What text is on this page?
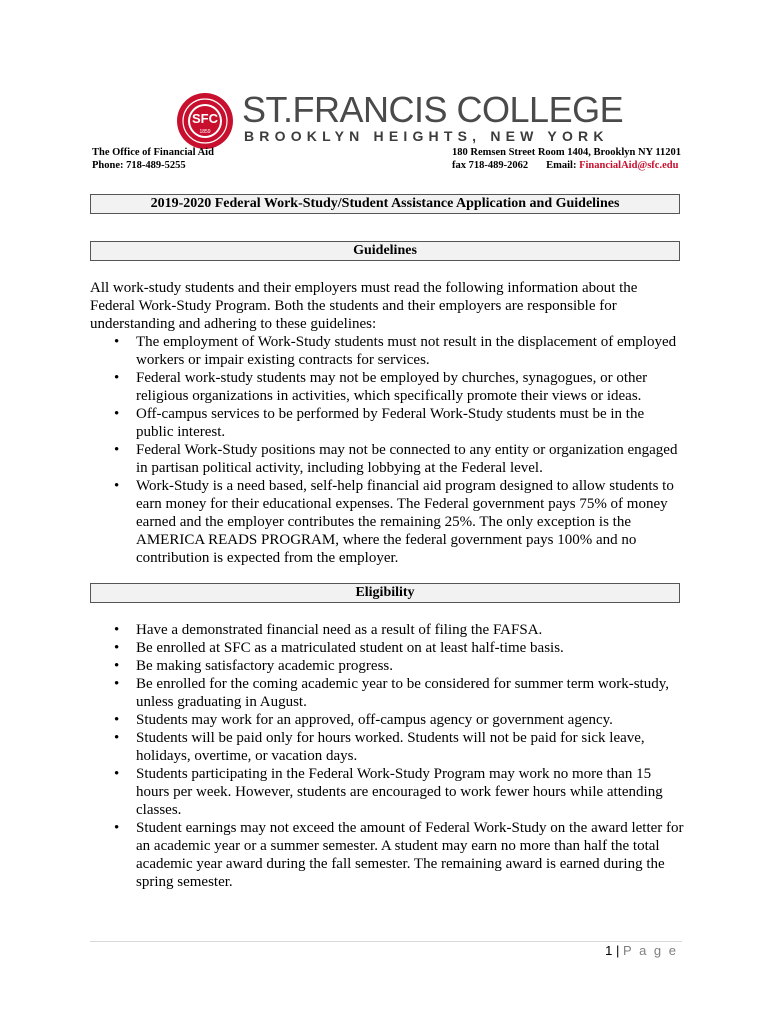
SFC
1859
ST.FRANCIS COLLEGE
BROOKLYN HEIGHTS, NEW YORK
The Office of Financial Aid
Phone: 718-489-5255
180 Remsen Street Room 1404, Brooklyn NY 11201
fax 718-489-2062 Email: FinancialAid@sfc.edu
2019-2020 Federal Work-Study/Student Assistance Application and Guidelines
Guidelines
All work-study students and their employers must read the following information about the Federal Work-Study Program. Both the students and their employers are responsible for understanding and adhering to these guidelines:
• The employment of Work-Study students must not result in the displacement of employed workers or impair existing contracts for services.
• Federal work-study students may not be employed by churches, synagogues, or other religious organizations in activities, which specifically promote their views or ideas.
• Off-campus services to be performed by Federal Work-Study students must be in the public interest.
• Federal Work-Study positions may not be connected to any entity or organization engaged in partisan political activity, including lobbying at the Federal level.
• Work-Study is a need based, self-help financial aid program designed to allow students to earn money for their educational expenses. The Federal government pays 75% of money earned and the employer contributes the remaining 25%. The only exception is the AMERICA READS PROGRAM, where the federal government pays 100% and no contribution is expected from the employer.
Eligibility
• Have a demonstrated financial need as a result of filing the FAFSA.
• Be enrolled at SFC as a matriculated student on at least half-time basis.
• Be making satisfactory academic progress.
• Be enrolled for the coming academic year to be considered for summer term work-study, unless graduating in August.
• Students may work for an approved, off-campus agency or government agency.
• Students will be paid only for hours worked. Students will not be paid for sick leave, holidays, overtime, or vacation days.
• Students participating in the Federal Work-Study Program may work no more than 15 hours per week. However, students are encouraged to work fewer hours while attending classes.
• Student earnings may not exceed the amount of Federal Work-Study on the award letter for an academic year or a summer semester. A student may earn no more than half the total academic year award during the fall semester. The remaining award is earned during the spring semester.
1 | P a g e
